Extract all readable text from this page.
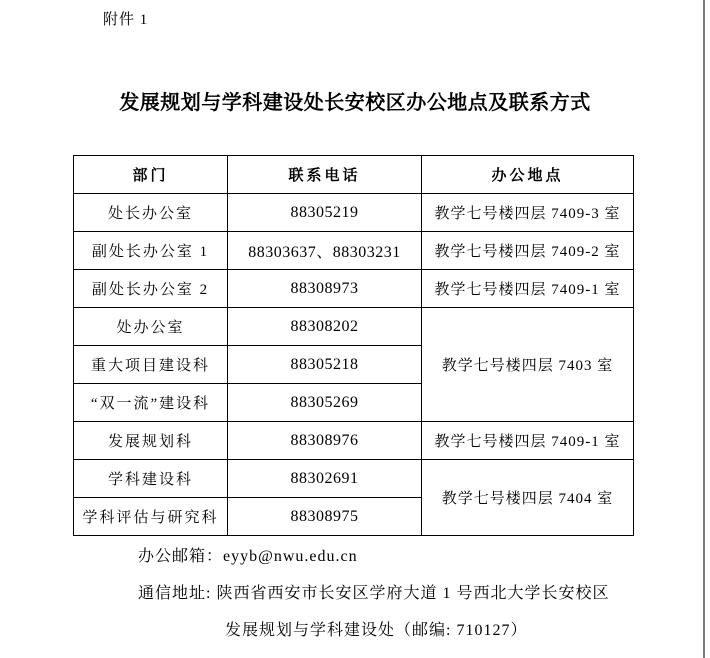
附件 1
发展规划与学科建设处长安校区办公地点及联系方式
部门	联系电话	办公地点
处长办公室	88305219	教学七号楼四层 7409-3 室
副处长办公室 1	88303637、88303231	教学七号楼四层 7409-2 室
副处长办公室 2	88308973	教学七号楼四层 7409-1 室
处办公室	88308202	教学七号楼四层 7403 室
重大项目建设科	88305218	
“双一流”建设科	88305269	
发展规划科	88308976	教学七号楼四层 7409-1 室
学科建设科	88302691	教学七号楼四层 7404 室
学科评估与研究科	88308975	
办公邮箱：eyyb@nwu.edu.cn
通信地址: 陕西省西安市长安区学府大道 1 号西北大学长安校区
发展规划与学科建设处（邮编: 710127）
